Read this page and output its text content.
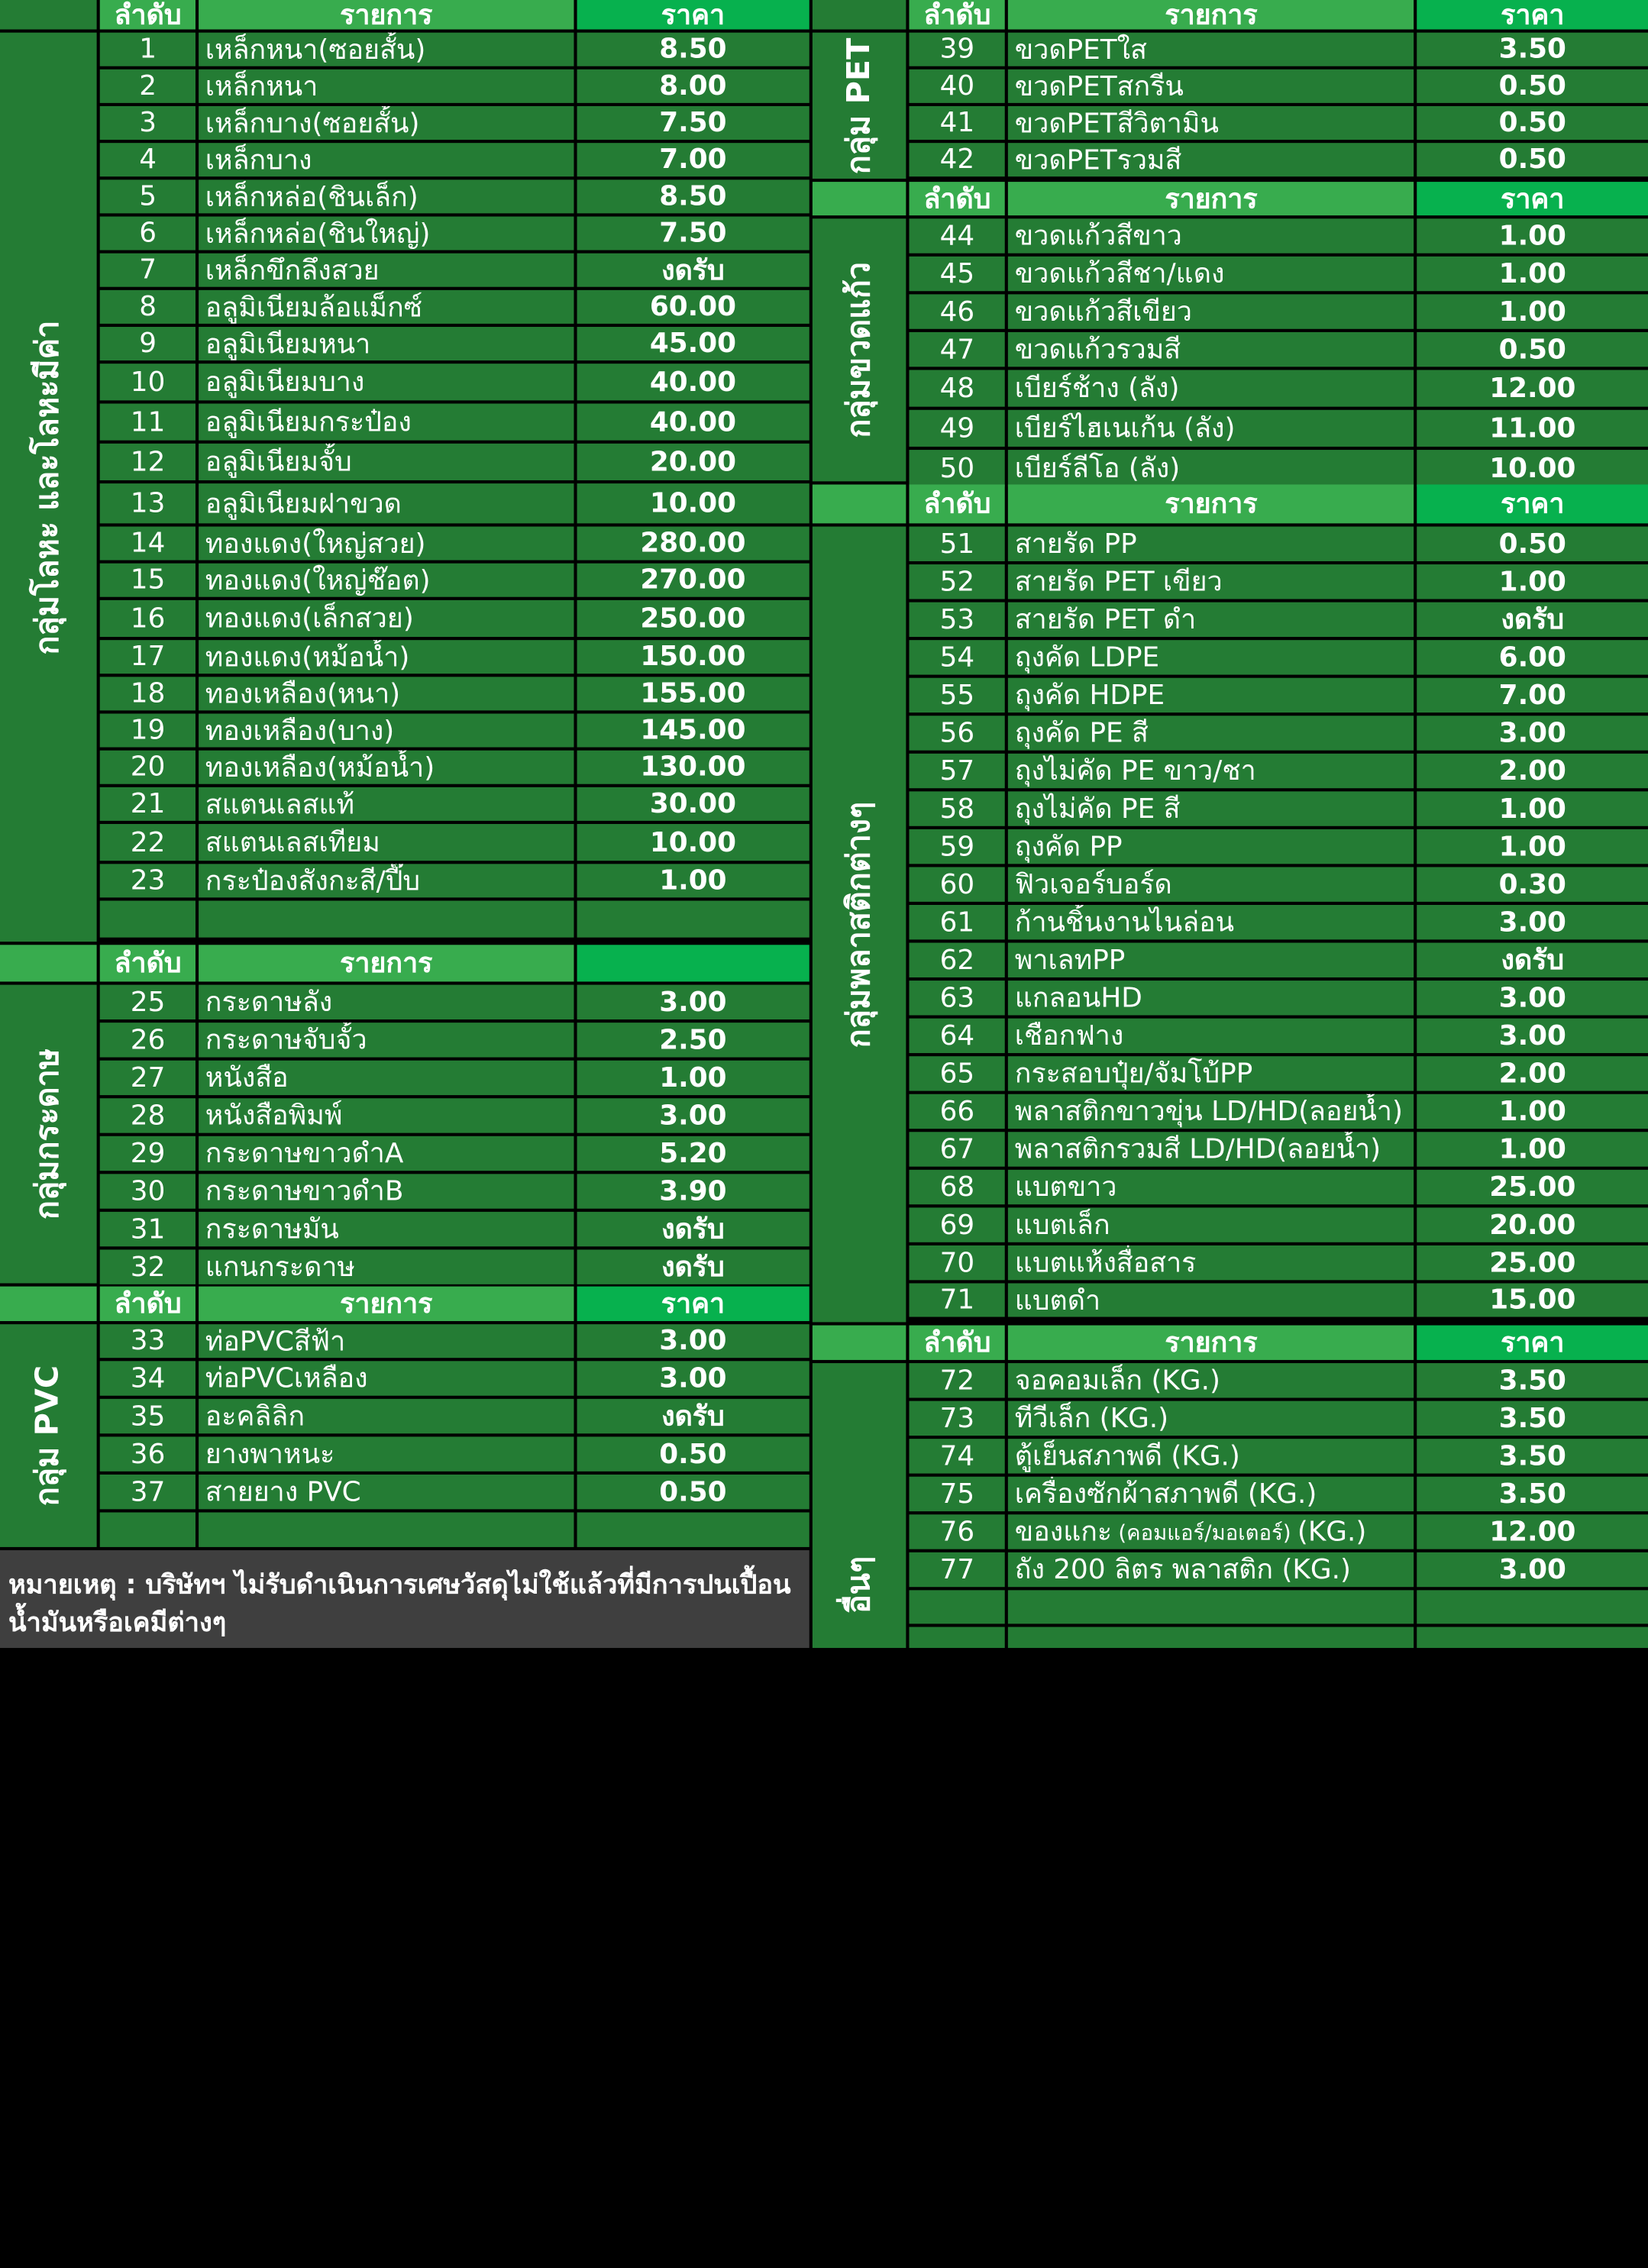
ลำดับ	รายการ	ราคา
กลุ่มโลหะ และโลหะมีค่า
1	เหล็กหนา(ซอยสั้น)	8.50
2	เหล็กหนา	8.00
3	เหล็กบาง(ซอยสั้น)	7.50
4	เหล็กบาง	7.00
5	เหล็กหล่อ(ชินเล็ก)	8.50
6	เหล็กหล่อ(ชินใหญ่)	7.50
7	เหล็กขึกลึงสวย	งดรับ
8	อลูมิเนียมล้อแม็กซ์	60.00
9	อลูมิเนียมหนา	45.00
10	อลูมิเนียมบาง	40.00
11	อลูมิเนียมกระป๋อง	40.00
12	อลูมิเนียมจั้บ	20.00
13	อลูมิเนียมฝาขวด	10.00
14	ทองแดง(ใหญ่สวย)	280.00
15	ทองแดง(ใหญ่ช๊อต)	270.00
16	ทองแดง(เล็กสวย)	250.00
17	ทองแดง(หม้อน้ำ)	150.00
18	ทองเหลือง(หนา)	155.00
19	ทองเหลือง(บาง)	145.00
20	ทองเหลือง(หม้อน้ำ)	130.00
21	สแตนเลสแท้	30.00
22	สแตนเลสเทียม	10.00
23	กระป๋องสังกะสี/ปี๊บ	1.00
กลุ่มกระดาษ
ลำดับ	รายการ
25	กระดาษลัง	3.00
26	กระดาษจับจั้ว	2.50
27	หนังสือ	1.00
28	หนังสือพิมพ์	3.00
29	กระดาษขาวดำA	5.20
30	กระดาษขาวดำB	3.90
31	กระดาษมัน	งดรับ
32	แกนกระดาษ	งดรับ
กลุ่ม PVC
ลำดับ	รายการ	ราคา
33	ท่อPVCสีฟ้า	3.00
34	ท่อPVCเหลือง	3.00
35	อะคลิลิก	งดรับ
36	ยางพาหนะ	0.50
37	สายยาง PVC	0.50
หมายเหตุ : บริษัทฯ ไม่รับดำเนินการเศษวัสดุไม่ใช้แล้วที่มีการปนเปื้อนน้ำมันหรือเคมีต่างๆ
ลำดับ	รายการ	ราคา
กลุ่ม PET	39	ขวดPETใส	3.50
40	ขวดPETสกรีน	0.50
41	ขวดPETสีวิตามิน	0.50
42	ขวดPETรวมสี	0.50
กลุ่มขวดแก้ว
ลำดับ	รายการ	ราคา
44	ขวดแก้วสีขาว	1.00
45	ขวดแก้วสีชา/แดง	1.00
46	ขวดแก้วสีเขียว	1.00
47	ขวดแก้วรวมสี	0.50
48	เบียร์ช้าง (ลัง)	12.00
49	เบียร์ไฮเนเก้น (ลัง)	11.00
50	เบียร์ลีโอ (ลัง)	10.00
กลุ่มพลาสติกต่างๆ
ลำดับ	รายการ	ราคา
51	สายรัด PP	0.50
52	สายรัด PET เขียว	1.00
53	สายรัด PET ดำ	งดรับ
54	ถุงคัด LDPE	6.00
55	ถุงคัด HDPE	7.00
56	ถุงคัด PE สี	3.00
57	ถุงไม่คัด PE ขาว/ชา	2.00
58	ถุงไม่คัด PE สี	1.00
59	ถุงคัด PP	1.00
60	ฟิวเจอร์บอร์ด	0.30
61	ก้านชิ้นงานไนล่อน	3.00
62	พาเลทPP	งดรับ
63	แกลอนHD	3.00
64	เชือกฟาง	3.00
65	กระสอบปุ๋ย/จัมโบ้PP	2.00
66	พลาสติกขาวขุ่น LD/HD(ลอยน้ำ)	1.00
67	พลาสติกรวมสี LD/HD(ลอยน้ำ)	1.00
68	แบตขาว	25.00
69	แบตเล็ก	20.00
70	แบตแห้งสื่อสาร	25.00
71	แบตดำ	15.00
อื่นๆ
ลำดับ	รายการ	ราคา
72	จอคอมเล็ก (KG.)	3.50
73	ทีวีเล็ก (KG.)	3.50
74	ตู้เย็นสภาพดี (KG.)	3.50
75	เครื่องซักผ้าสภาพดี (KG.)	3.50
76	ของแกะ (คอมแอร์/มอเตอร์) (KG.)	12.00
77	ถัง 200 ลิตร พลาสติก (KG.)	3.00
